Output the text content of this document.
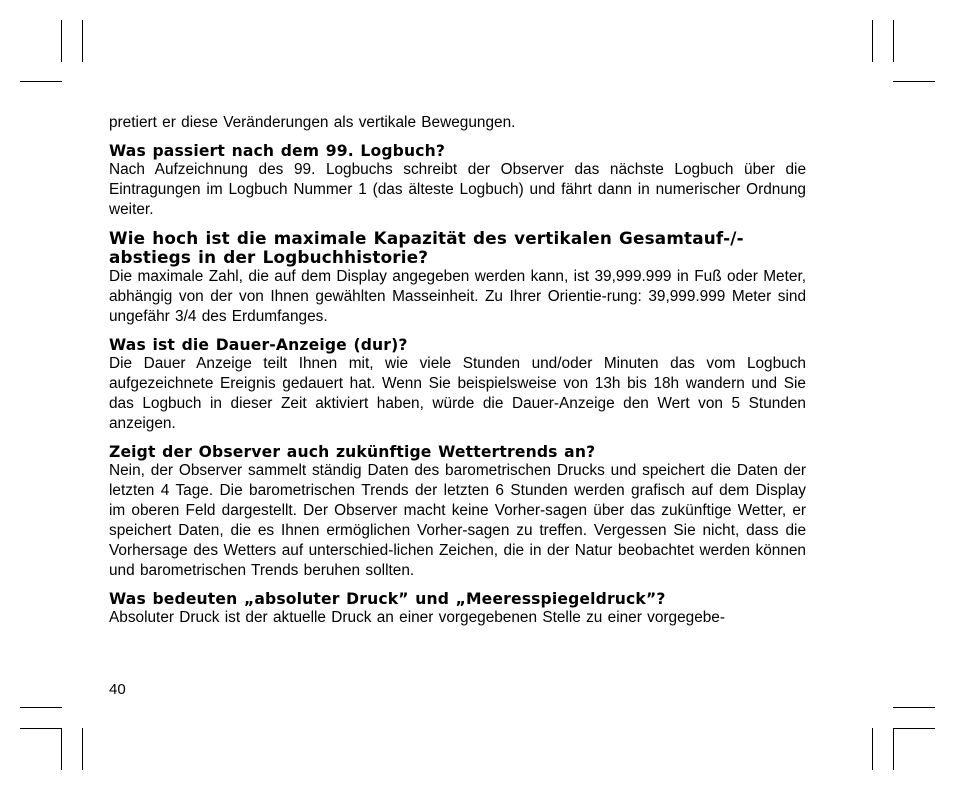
pretiert er diese Veränderungen als vertikale Bewegungen.

Was passiert nach dem 99. Logbuch?

Nach Aufzeichnung des 99. Logbuchs schreibt der Observer das nächste Logbuch über die Eintragungen im Logbuch Nummer 1 (das älteste Logbuch) und fährt dann in numerischer Ordnung weiter.

Wie hoch ist die maximale Kapazität des vertikalen Gesamtauf-/-abstiegs in der Logbuchhistorie?

Die maximale Zahl, die auf dem Display angegeben werden kann, ist 39,999.999 in Fuß oder Meter, abhängig von der von Ihnen gewählten Masseinheit. Zu Ihrer Orientie-rung: 39,999.999 Meter sind ungefähr 3/4 des Erdumfanges.

Was ist die Dauer-Anzeige (dur)?

Die Dauer Anzeige teilt Ihnen mit, wie viele Stunden und/oder Minuten das vom Logbuch aufgezeichnete Ereignis gedauert hat. Wenn Sie beispielsweise von 13h bis 18h wandern und Sie das Logbuch in dieser Zeit aktiviert haben, würde die Dauer-Anzeige den Wert von 5 Stunden anzeigen.

Zeigt der Observer auch zukünftige Wettertrends an?

Nein, der Observer sammelt ständig Daten des barometrischen Drucks und speichert die Daten der letzten 4 Tage. Die barometrischen Trends der letzten 6 Stunden werden grafisch auf dem Display im oberen Feld dargestellt. Der Observer macht keine Vorher-sagen über das zukünftige Wetter, er speichert Daten, die es Ihnen ermöglichen Vorher-sagen zu treffen. Vergessen Sie nicht, dass die Vorhersage des Wetters auf unterschied-lichen Zeichen, die in der Natur beobachtet werden können und barometrischen Trends beruhen sollten.

Was bedeuten „absoluter Druck” und „Meeresspiegeldruck”?

Absoluter Druck ist der aktuelle Druck an einer vorgegebenen Stelle zu einer vorgegebe-

40
